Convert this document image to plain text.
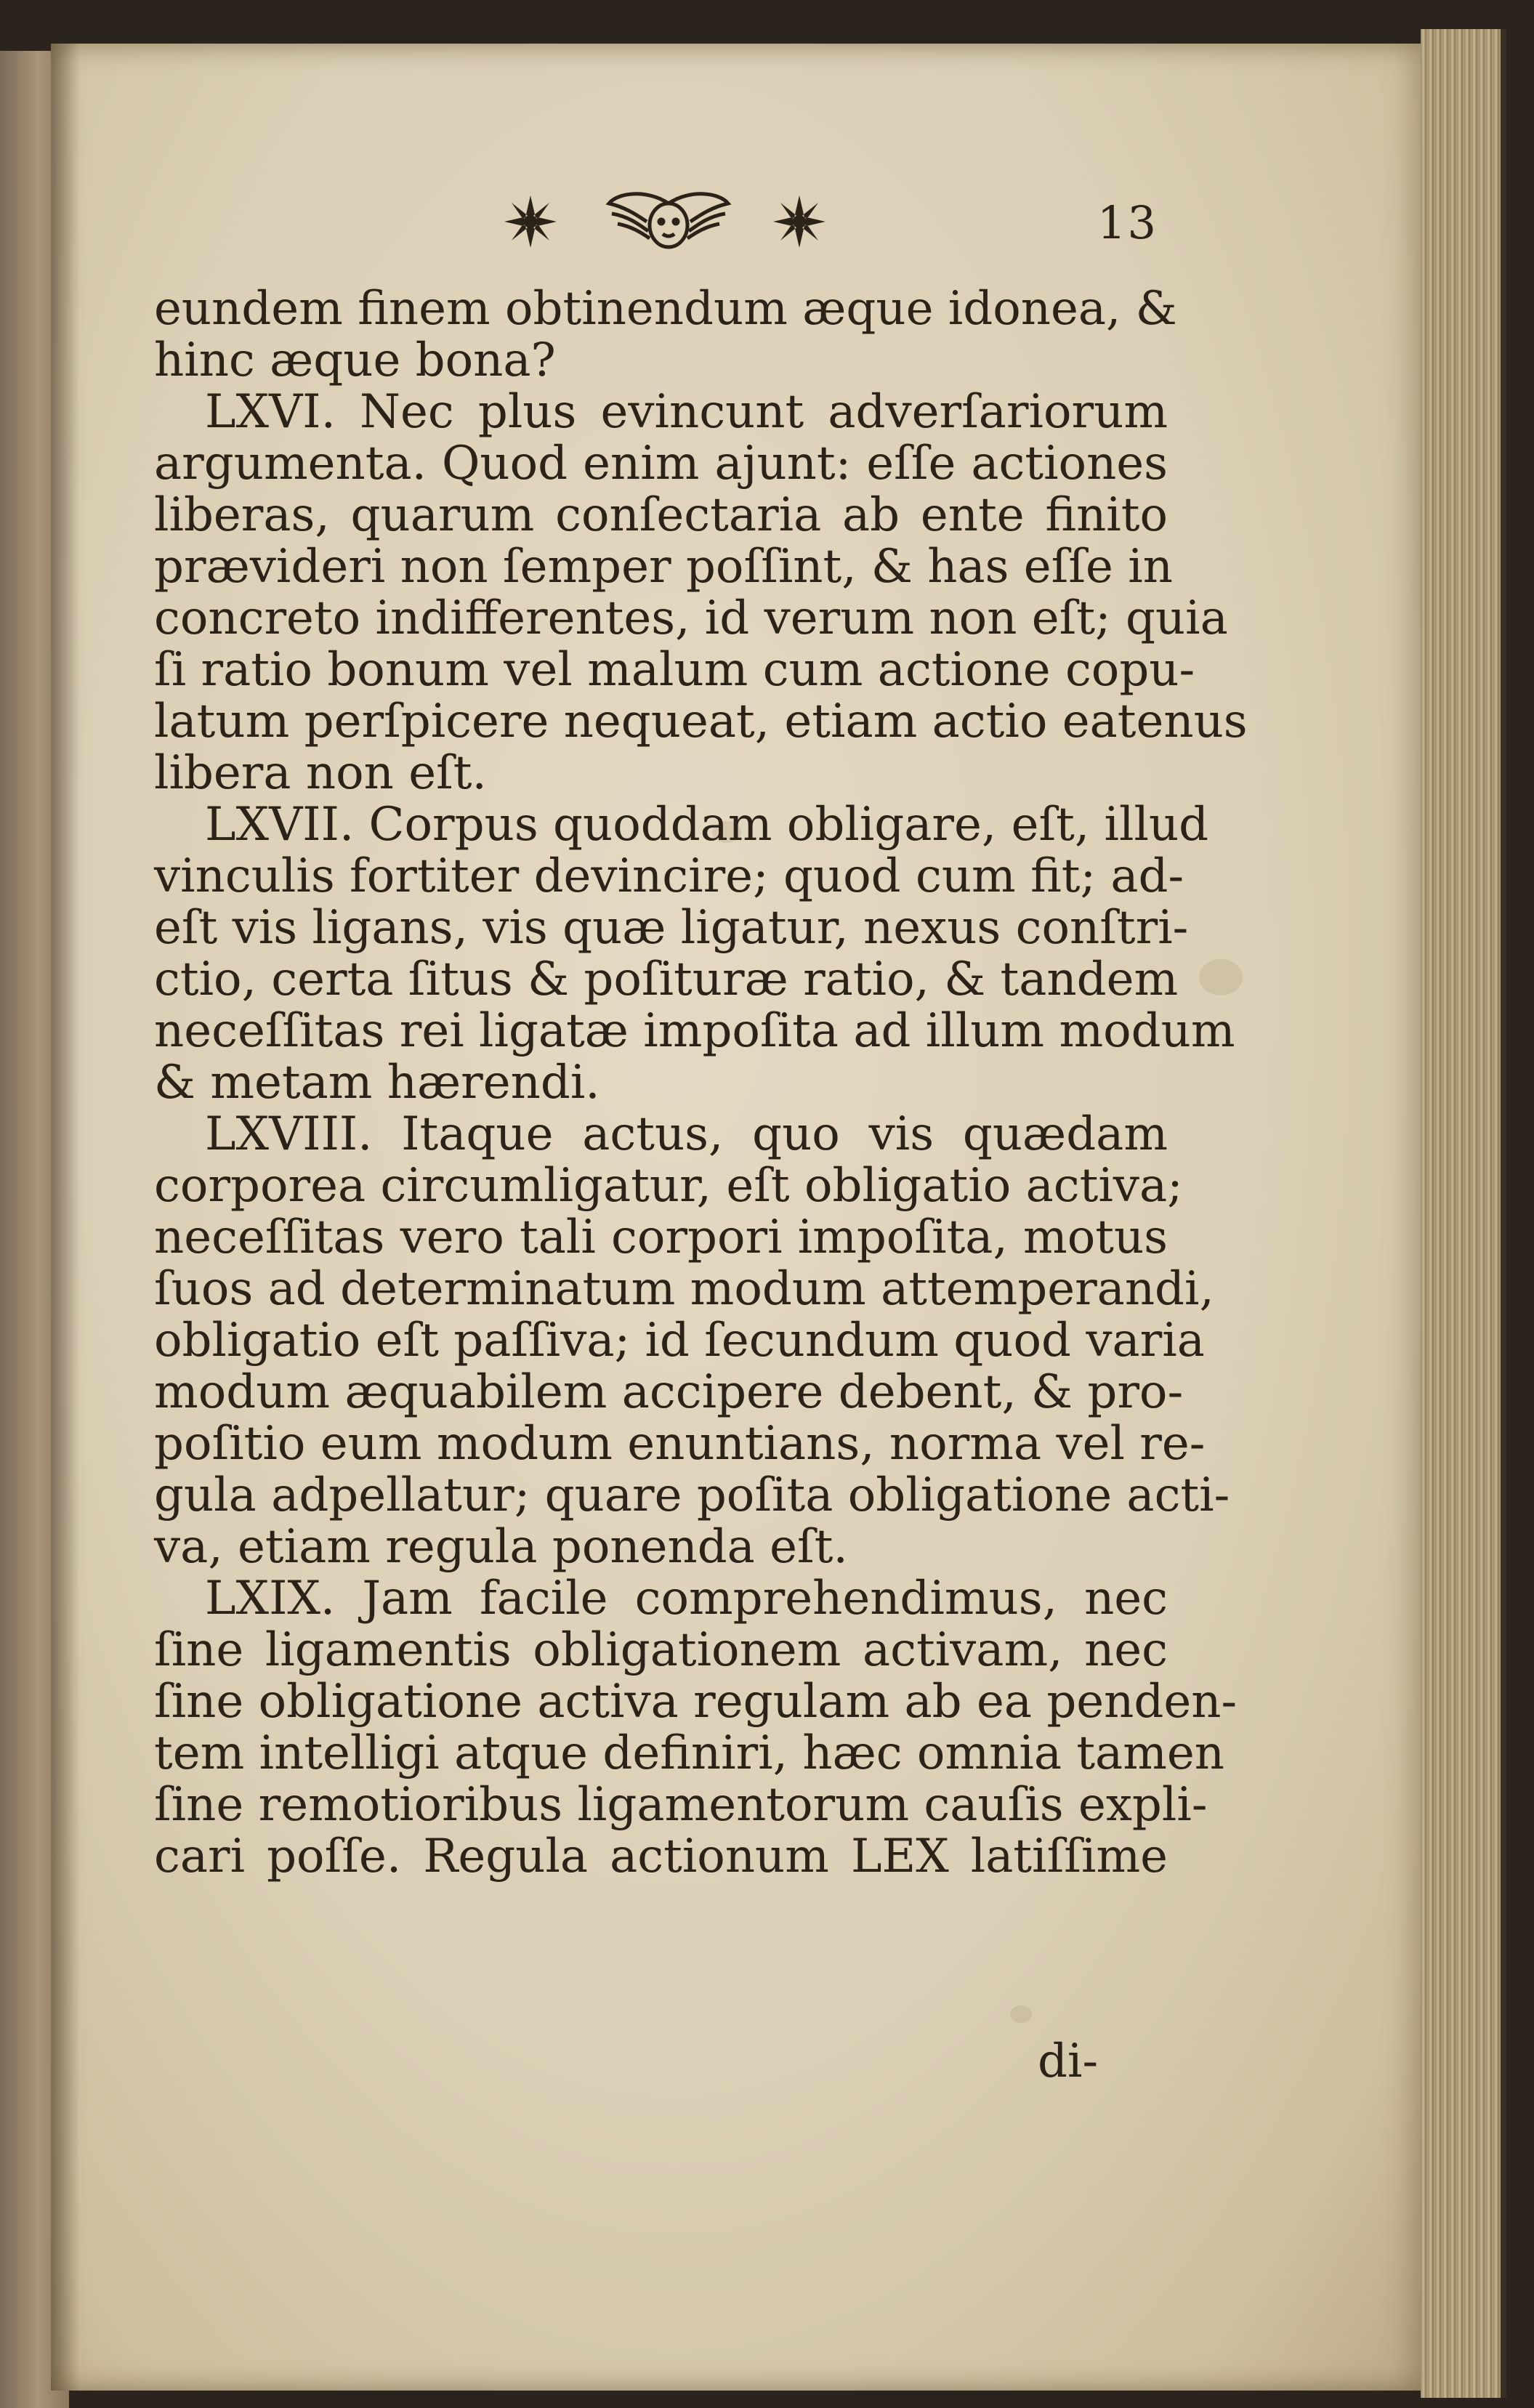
13
eundem finem obtinendum æque idonea, &
hinc æque bona?
LXVI. Nec plus evincunt adverſariorum
argumenta. Quod enim ajunt: eſſe actiones
liberas, quarum conſectaria ab ente finito
prævideri non ſemper poſſint, & has eſſe in
concreto indifferentes, id verum non eſt; quia
ſi ratio bonum vel malum cum actione copu-
latum perſpicere nequeat, etiam actio eatenus
libera non eſt.
LXVII. Corpus quoddam obligare, eſt, illud
vinculis fortiter devincire; quod cum fit; ad-
eſt vis ligans, vis quæ ligatur, nexus conſtri-
ctio, certa ſitus & poſituræ ratio, & tandem
neceſſitas rei ligatæ impoſita ad illum modum
& metam hærendi.
LXVIII. Itaque actus, quo vis quædam
corporea circumligatur, eſt obligatio activa;
neceſſitas vero tali corpori impoſita, motus
ſuos ad determinatum modum attemperandi,
obligatio eſt paſſiva; id ſecundum quod varia
modum æquabilem accipere debent, & pro-
poſitio eum modum enuntians, norma vel re-
gula adpellatur; quare poſita obligatione acti-
va, etiam regula ponenda eſt.
LXIX. Jam facile comprehendimus, nec
ſine ligamentis obligationem activam, nec
ſine obligatione activa regulam ab ea penden-
tem intelligi atque definiri, hæc omnia tamen
ſine remotioribus ligamentorum cauſis expli-
cari poſſe. Regula actionum LEX latiſſime
di-
